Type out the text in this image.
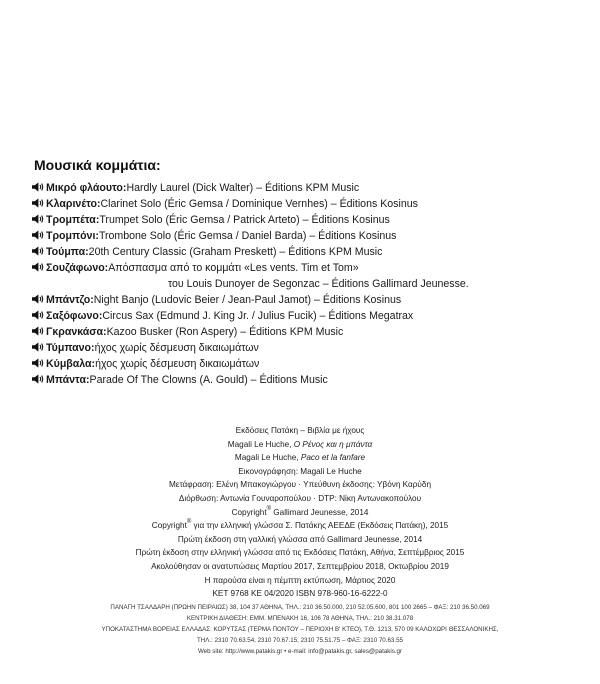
Μουσικά κομμάτια:
Μικρό φλάουτο: Hardly Laurel (Dick Walter) – Éditions KPM Music
Κλαρινέτο: Clarinet Solo (Éric Gemsa / Dominique Vernhes) – Éditions Kosinus
Τρομπέτα: Trumpet Solo (Éric Gemsa / Patrick Arteto) – Éditions Kosinus
Τρομπόνι: Trombone Solo (Éric Gemsa / Daniel Barda) – Éditions Kosinus
Τούμπα: 20th Century Classic (Graham Preskett) – Éditions KPM Music
Σουζάφωνο: Απόσπασμα από το κομμάτι «Les vents. Tim et Tom»
του Louis Dunoyer de Segonzac – Éditions Gallimard Jeunesse.
Μπάντζο: Night Banjo (Ludovic Beier / Jean-Paul Jamot) – Éditions Kosinus
Σαξόφωνο: Circus Sax (Edmund J. King Jr. / Julius Fucik) – Éditions Megatrax
Γκρανκάσα: Kazoo Busker (Ron Aspery) – Éditions KPM Music
Τύμπανο: ήχος χωρίς δέσμευση δικαιωμάτων
Κύμβαλα: ήχος χωρίς δέσμευση δικαιωμάτων
Μπάντα: Parade Of The Clowns (A. Gould) – Éditions Music
Εκδόσεις Πατάκη – Βιβλία με ήχους
Magali Le Huche, Ο Ρένος και η μπάντα
Magali Le Huche, Paco et la fanfare
Εικονογράφηση: Magali Le Huche
Μετάφραση: Ελένη Μπακογιώργου · Υπεύθυνη έκδοσης: Υβόνη Καρύδη
Διόρθωση: Αντωνία Γουναροπούλου · DTP: Νίκη Αντωνακοπούλου
Copyright® Gallimard Jeunesse, 2014
Copyright® για την ελληνική γλώσσα Σ. Πατάκης ΑΕΕΔΕ (Εκδόσεις Πατάκη), 2015
Πρώτη έκδοση στη γαλλική γλώσσα από Gallimard Jeunesse, 2014
Πρώτη έκδοση στην ελληνική γλώσσα από τις Εκδόσεις Πατάκη, Αθήνα, Σεπτέμβριος 2015
Ακολούθησαν οι ανατυπώσεις Μαρτίου 2017, Σεπτεμβρίου 2018, Οκτωβρίου 2019
Η παρούσα είναι η πέμπτη εκτύπωση, Μάρτιος 2020
ΚΕΤ 9768 ΚΕ 04/2020 ISBN 978-960-16-6222-0
ΠΑΝΑΓΗ ΤΣΑΛΔΑΡΗ (ΠΡΩΗΝ ΠΕΙΡΑΙΩΣ) 38, 104 37 ΑΘΗΝΑ, ΤΗΛ.: 210 36.50.000, 210 52.05.600, 801 100 2665 – ΦΑΞ: 210 36.50.069
ΚΕΝΤΡΙΚΗ ΔΙΑΘΕΣΗ: ΕΜΜ. ΜΠΕΝΑΚΗ 16, 106 78 ΑΘΗΝΑ, ΤΗΛ.: 210 38.31.078
ΥΠΟΚΑΤΑΣΤΗΜΑ ΒΟΡΕΙΑΣ ΕΛΛΑΔΑΣ: ΚΟΡΥΤΣΑΣ (ΤΕΡΜΑ ΠΟΝΤΟΥ – ΠΕΡΙΟΧΗ Β' ΚΤΕΟ), Τ.Θ. 1213, 570 09 ΚΑΛΟΧΩΡΙ ΘΕΣΣΑΛΟΝΙΚΗΣ,
ΤΗΛ.: 2310 70.63.54, 2310 70.67.15, 2310 75.51.75 – ΦΑΞ: 2310 70.63.55
Web site: http://www.patakis.gr • e-mail: info@patakis.gr, sales@patakis.gr
